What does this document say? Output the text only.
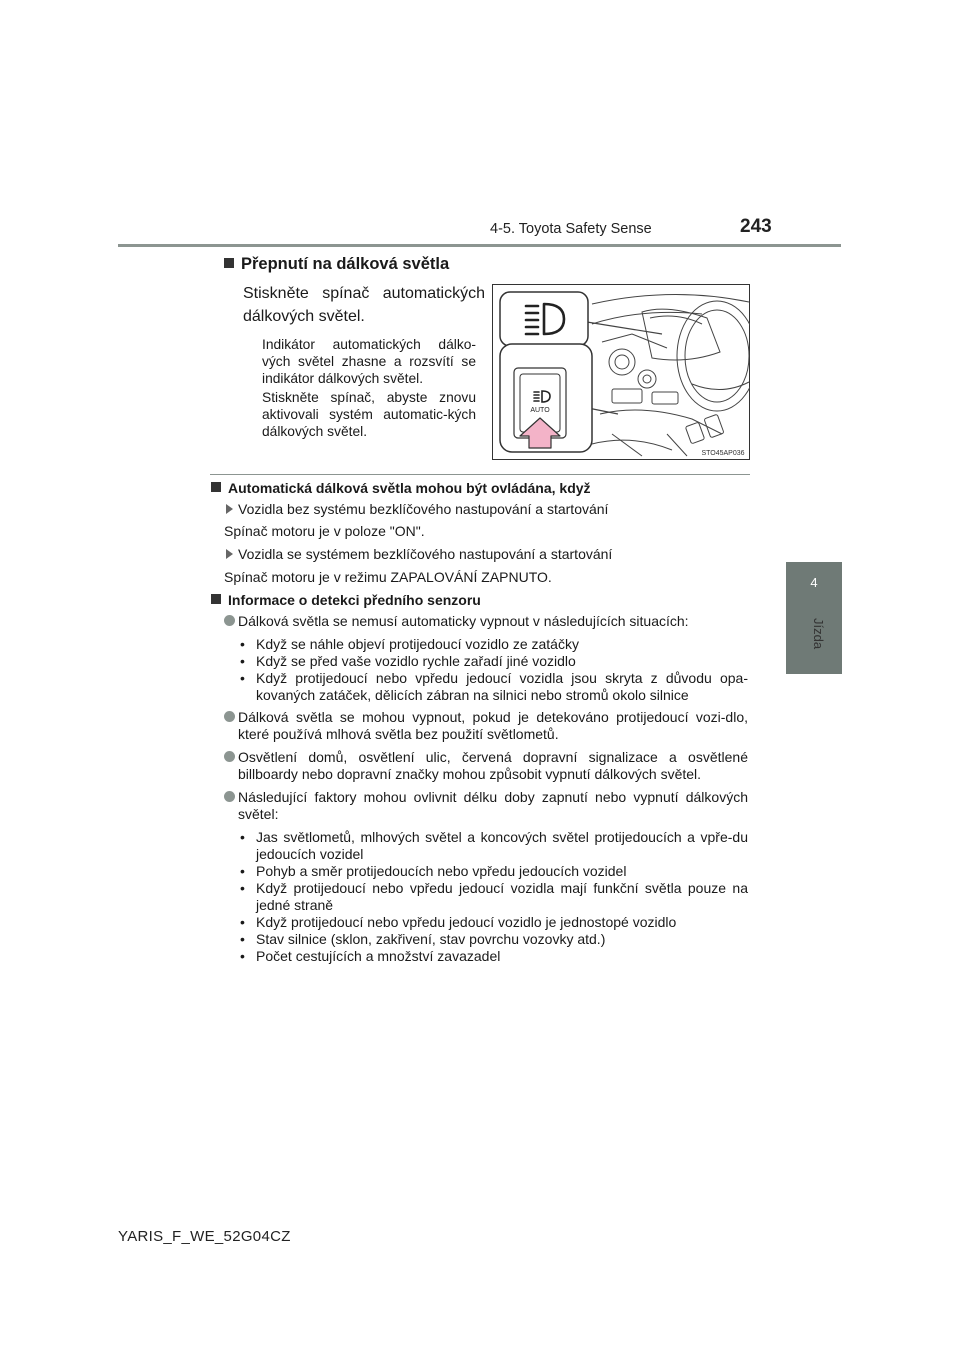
4-5. Toyota Safety Sense	243
4
Jízda
Přepnutí na dálková světla
Stiskněte spínač automatických dálkových světel.
Indikátor automatických dálko-vých světel zhasne a rozsvítí se indikátor dálkových světel.
Stiskněte spínač, abyste znovu aktivovali systém automatic-kých dálkových světel.
AUTO
STO45AP036
Automatická dálková světla mohou být ovládána, když
Vozidla bez systému bezklíčového nastupování a startování
Spínač motoru je v poloze "ON".
Vozidla se systémem bezklíčového nastupování a startování
Spínač motoru je v režimu ZAPALOVÁNÍ ZAPNUTO.
Informace o detekci předního senzoru
Dálková světla se nemusí automaticky vypnout v následujících situacích:
• Když se náhle objeví protijedoucí vozidlo ze zatáčky
• Když se před vaše vozidlo rychle zařadí jiné vozidlo
• Když protijedoucí nebo vpředu jedoucí vozidla jsou skryta z důvodu opa-kovaných zatáček, dělicích zábran na silnici nebo stromů okolo silnice
Dálková světla se mohou vypnout, pokud je detekováno protijedoucí vozi-dlo, které používá mlhová světla bez použití světlometů.
Osvětlení domů, osvětlení ulic, červená dopravní signalizace a osvětlené billboardy nebo dopravní značky mohou způsobit vypnutí dálkových světel.
Následující faktory mohou ovlivnit délku doby zapnutí nebo vypnutí dálkových světel:
• Jas světlometů, mlhových světel a koncových světel protijedoucích a vpře-du jedoucích vozidel
• Pohyb a směr protijedoucích nebo vpředu jedoucích vozidel
• Když protijedoucí nebo vpředu jedoucí vozidla mají funkční světla pouze na jedné straně
• Když protijedoucí nebo vpředu jedoucí vozidlo je jednostopé vozidlo
• Stav silnice (sklon, zakřivení, stav povrchu vozovky atd.)
• Počet cestujících a množství zavazadel
YARIS_F_WE_52G04CZ
